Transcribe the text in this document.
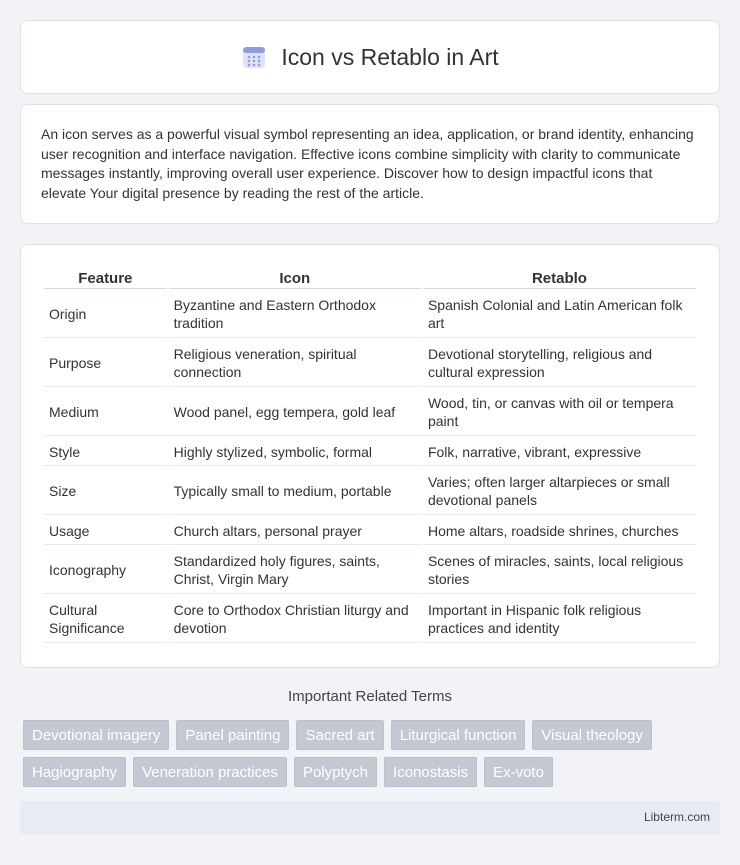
Icon vs Retablo in Art

An icon serves as a powerful visual symbol representing an idea, application, or brand identity, enhancing user recognition and interface navigation. Effective icons combine simplicity with clarity to communicate messages instantly, improving overall user experience. Discover how to design impactful icons that elevate Your digital presence by reading the rest of the article.

Feature	Icon	Retablo
Origin	Byzantine and Eastern Orthodox tradition	Spanish Colonial and Latin American folk art
Purpose	Religious veneration, spiritual connection	Devotional storytelling, religious and cultural expression
Medium	Wood panel, egg tempera, gold leaf	Wood, tin, or canvas with oil or tempera paint
Style	Highly stylized, symbolic, formal	Folk, narrative, vibrant, expressive
Size	Typically small to medium, portable	Varies; often larger altarpieces or small devotional panels
Usage	Church altars, personal prayer	Home altars, roadside shrines, churches
Iconography	Standardized holy figures, saints, Christ, Virgin Mary	Scenes of miracles, saints, local religious stories
Cultural Significance	Core to Orthodox Christian liturgy and devotion	Important in Hispanic folk religious practices and identity
Important Related Terms
Devotional imagery	Panel painting	Sacred art	Liturgical function	Visual theology
Hagiography	Veneration practices	Polyptych	Iconostasis	Ex-voto
Libterm.com
